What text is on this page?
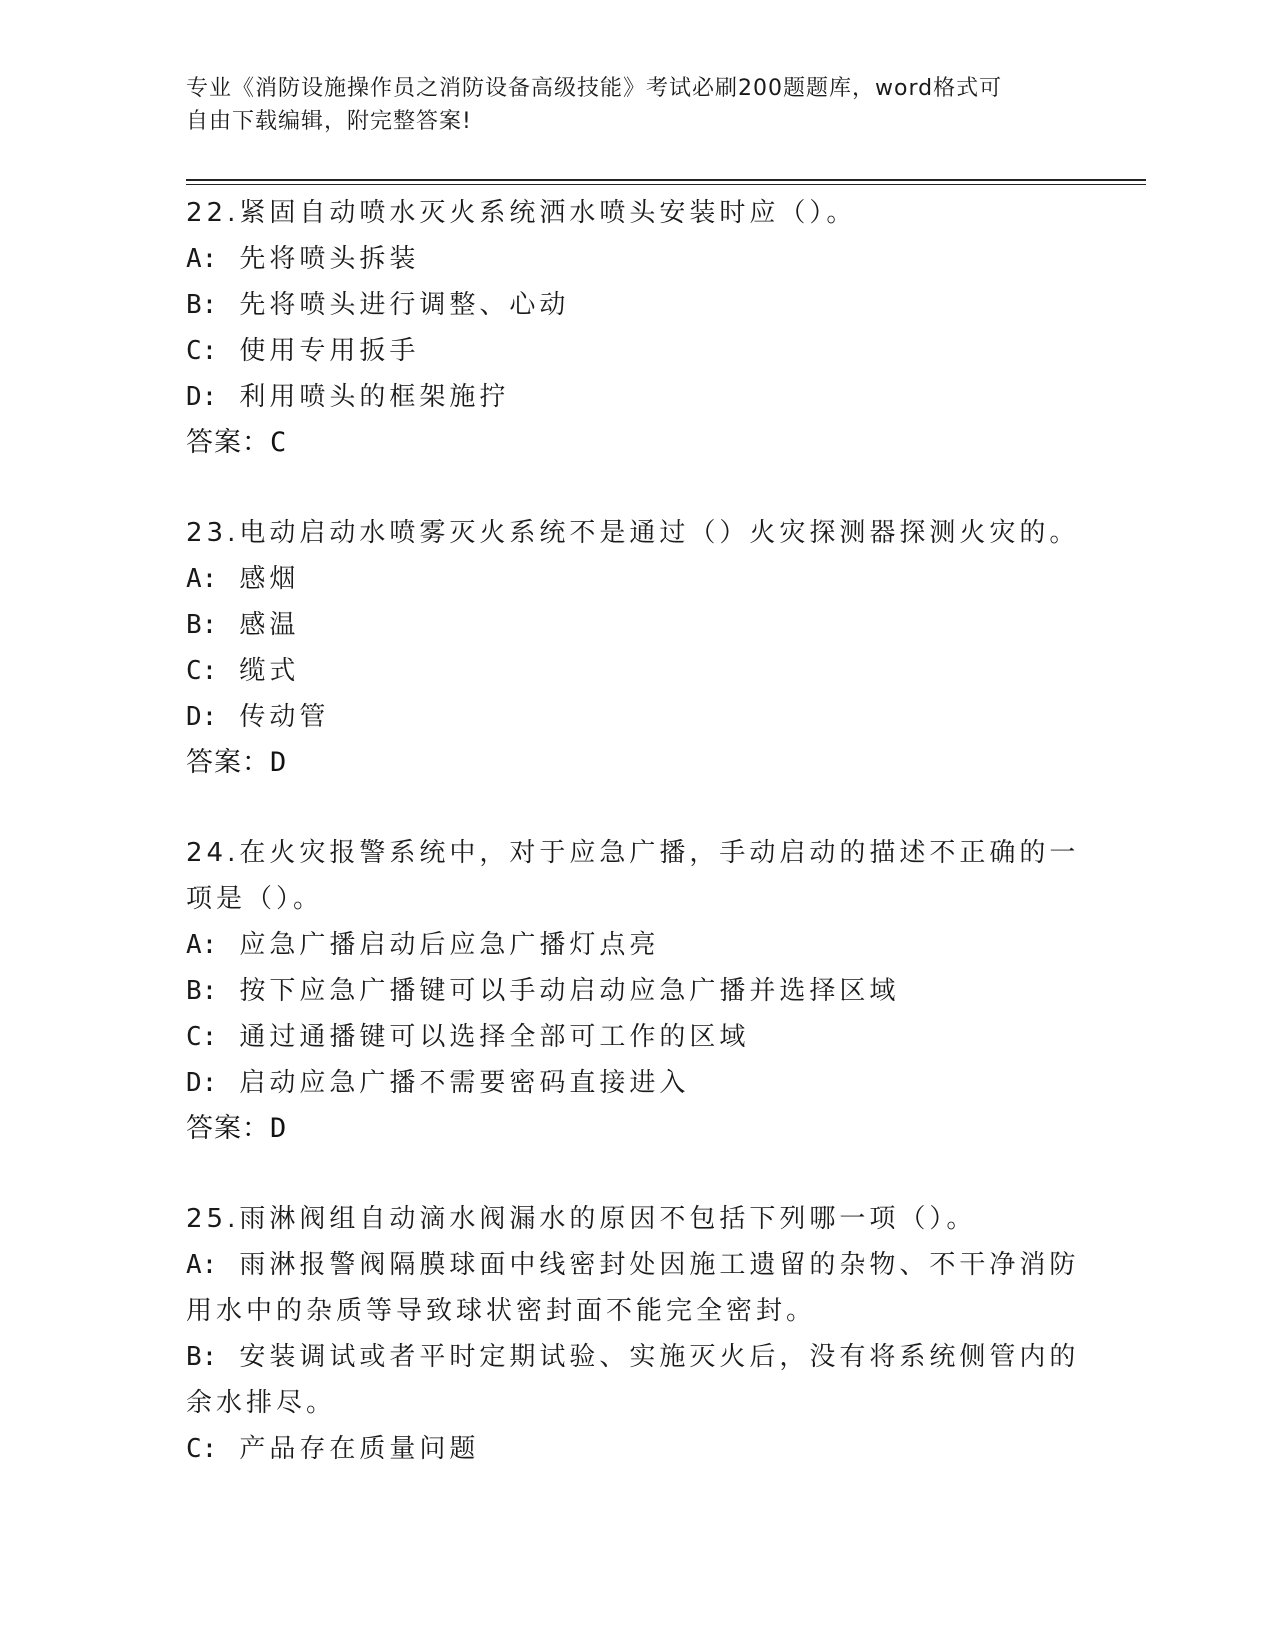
专业《消防设施操作员之消防设备高级技能》考试必刷200题题库，word格式可
自由下载编辑，附完整答案!
22.紧固自动喷水灭火系统洒水喷头安装时应（）。
A: 先将喷头拆装
B: 先将喷头进行调整、心动
C: 使用专用扳手
D: 利用喷头的框架施拧
答案：C
23.电动启动水喷雾灭火系统不是通过（）火灾探测器探测火灾的。
A: 感烟
B: 感温
C: 缆式
D: 传动管
答案：D
24.在火灾报警系统中，对于应急广播，手动启动的描述不正确的一项是（）。
A: 应急广播启动后应急广播灯点亮
B: 按下应急广播键可以手动启动应急广播并选择区域
C: 通过通播键可以选择全部可工作的区域
D: 启动应急广播不需要密码直接进入
答案：D
25.雨淋阀组自动滴水阀漏水的原因不包括下列哪一项（）。
A: 雨淋报警阀隔膜球面中线密封处因施工遗留的杂物、不干净消防用水中的杂质等导致球状密封面不能完全密封。
B: 安装调试或者平时定期试验、实施灭火后，没有将系统侧管内的余水排尽。
C: 产品存在质量问题
